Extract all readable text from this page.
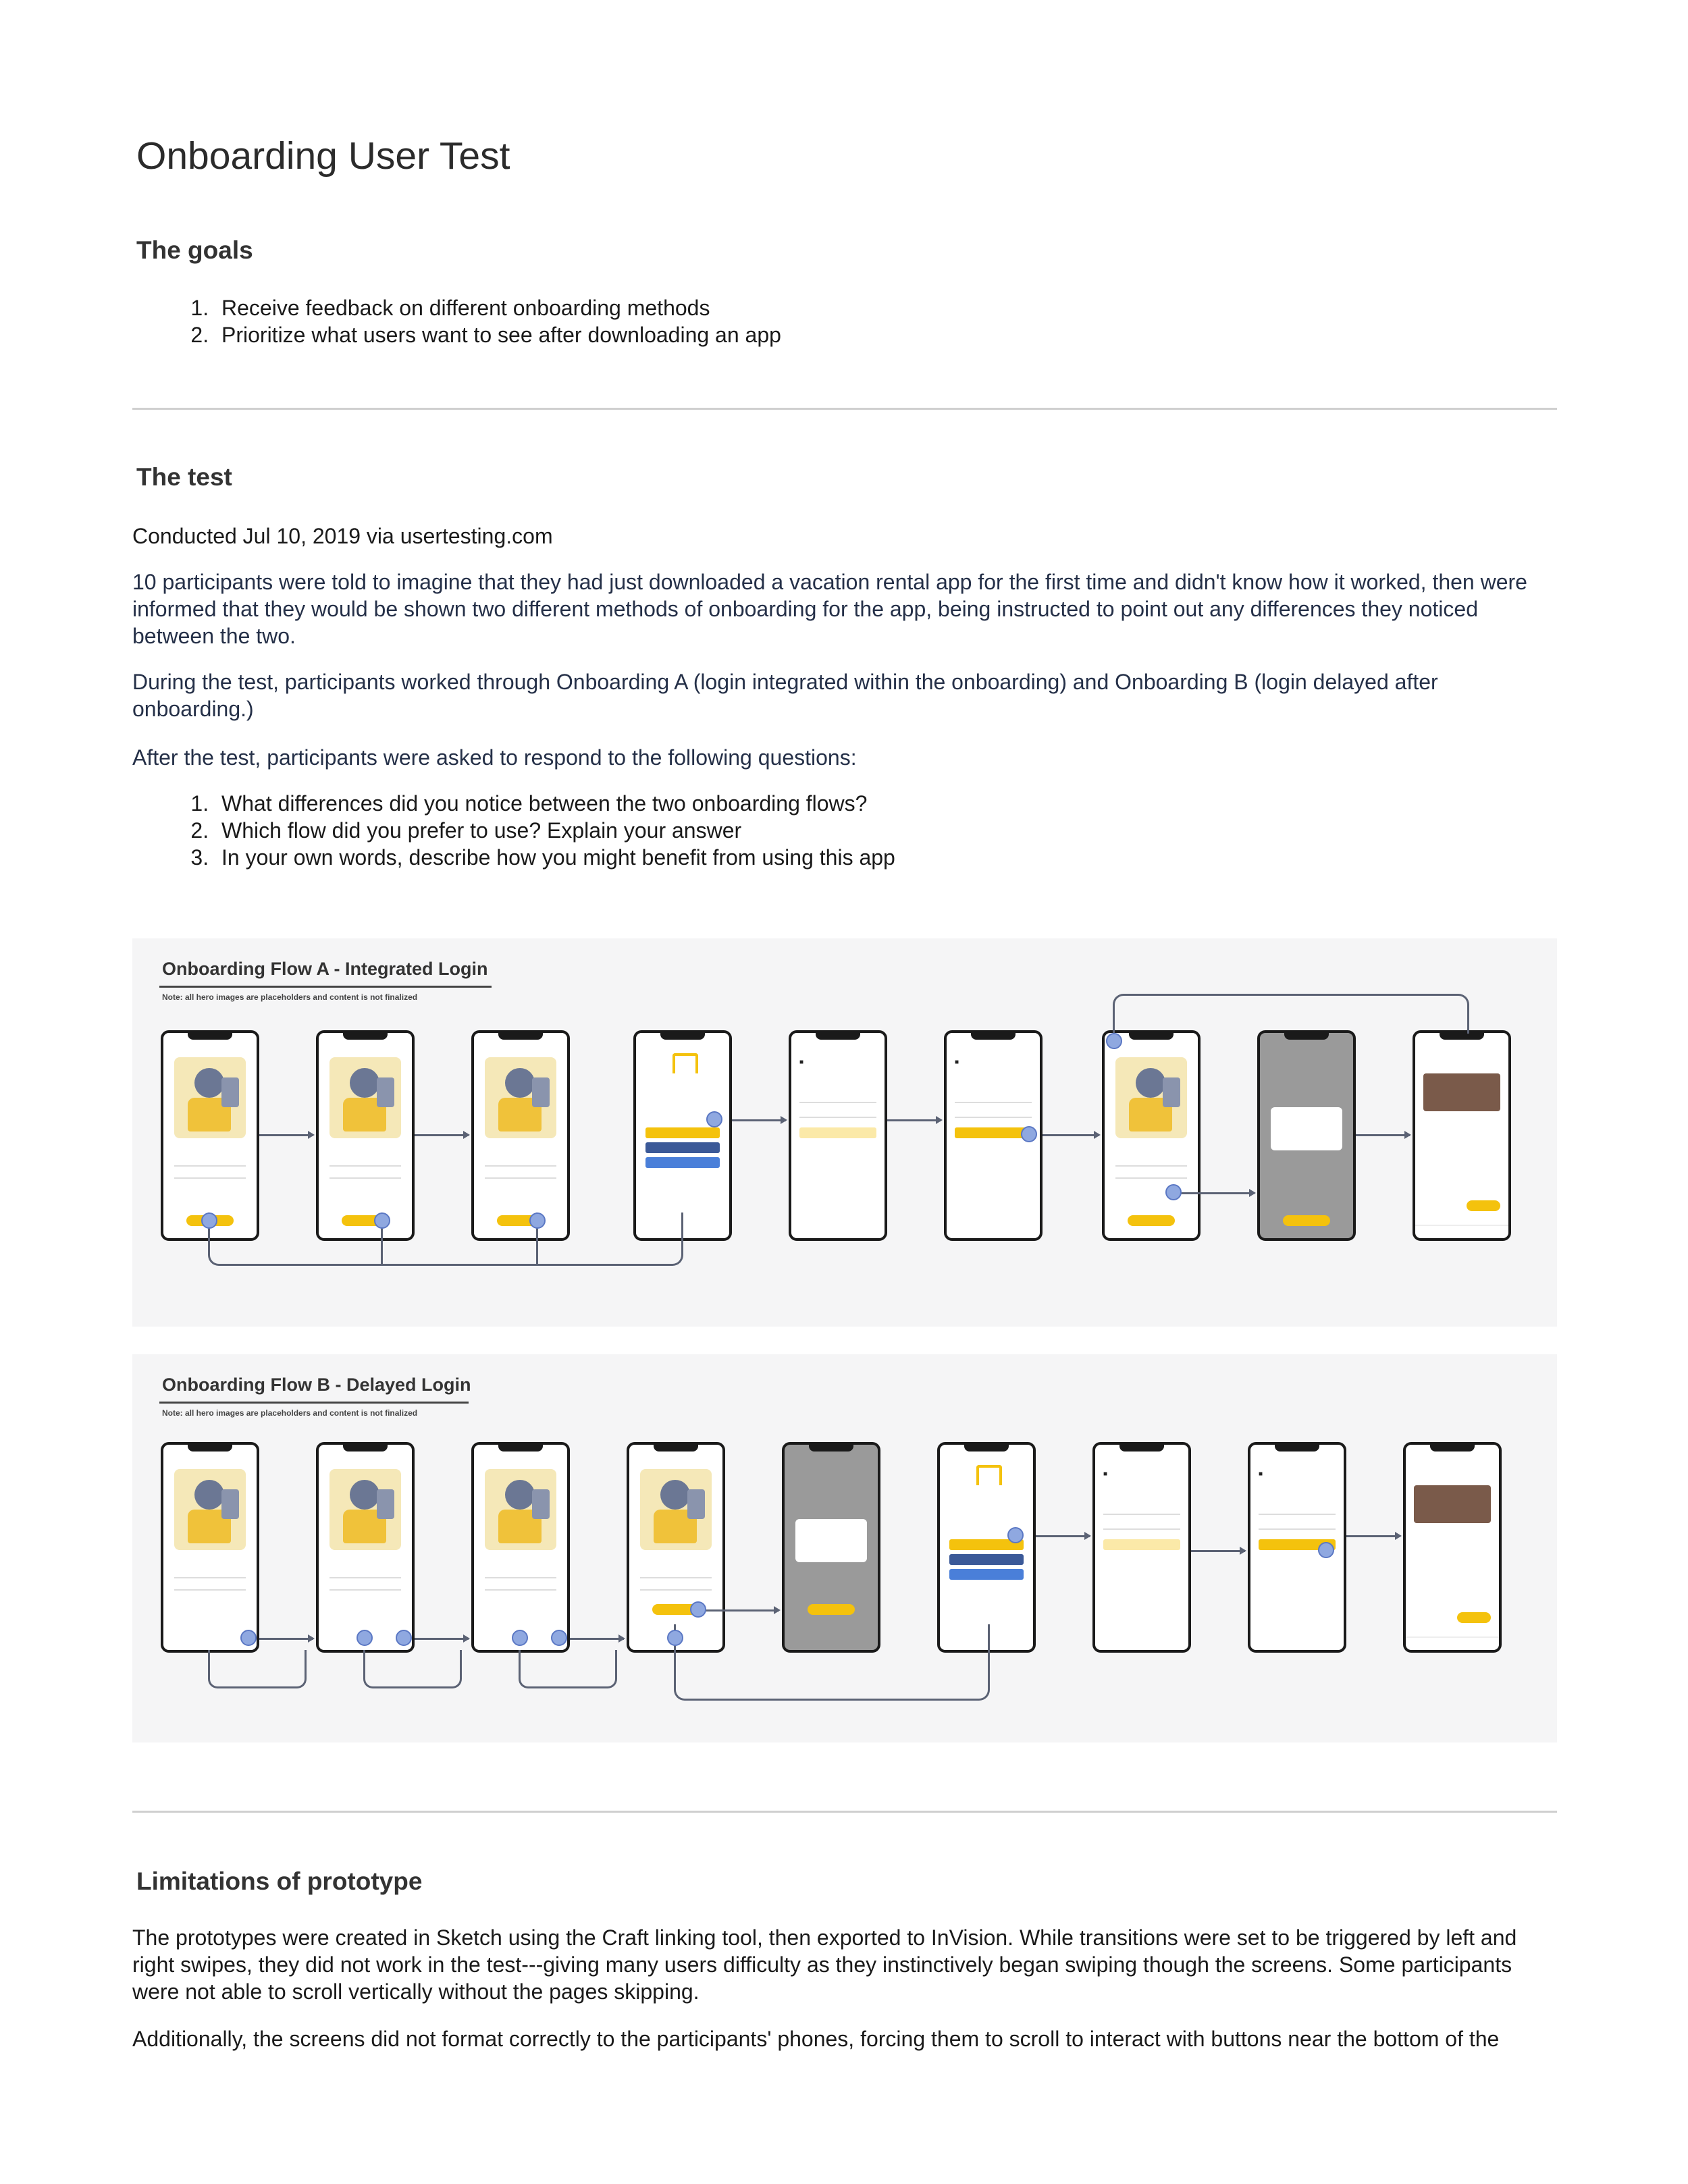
Onboarding User Test
The goals
1. Receive feedback on different onboarding methods
2. Prioritize what users want to see after downloading an app
The test

Conducted Jul 10, 2019 via usertesting.com

10 participants were told to imagine that they had just downloaded a vacation rental app for the first time and didn't know how it worked, then were informed that they would be shown two different methods of onboarding for the app, being instructed to point out any differences they noticed between the two.

During the test, participants worked through Onboarding A (login integrated within the onboarding) and Onboarding B (login delayed after onboarding.)

After the test, participants were asked to respond to the following questions:

1. What differences did you notice between the two onboarding flows?
2. Which flow did you prefer to use? Explain your answer
3. In your own words, describe how you might benefit from using this app
Onboarding Flow A - Integrated Login
Note: all hero images are placeholders and content is not finalized
■	■
Onboarding Flow B - Delayed Login
Note: all hero images are placeholders and content is not finalized
■	■
Limitations of prototype

The prototypes were created in Sketch using the Craft linking tool, then exported to InVision. While transitions were set to be triggered by left and right swipes, they did not work in the test---giving many users difficulty as they instinctively began swiping though the screens. Some participants were not able to scroll vertically without the pages skipping.

Additionally, the screens did not format correctly to the participants' phones, forcing them to scroll to interact with buttons near the bottom of the
